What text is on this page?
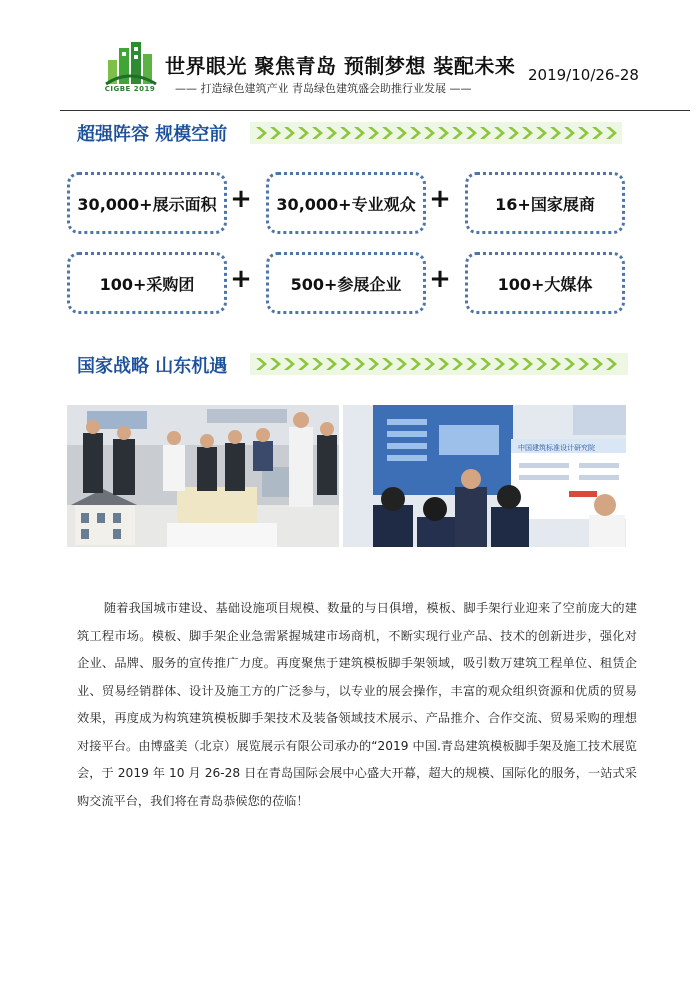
CIGBE 2019
世界眼光 聚焦青岛 预制梦想 装配未来
—— 打造绿色建筑产业 青岛绿色建筑盛会助推行业发展 ——
2019/10/26-28
超强阵容 规模空前
30,000+展示面积 +	30,000+专业观众 +	16+国家展商
100+采购团	+	500+参展企业	+	100+大媒体
国家战略 山东机遇
中国建筑标准设计研究院
随着我国城市建设、基础设施项目规模、数量的与日俱增，模板、脚手架行业迎来了空前庞大的建筑工程市场。模板、脚手架企业急需紧握城建市场商机，不断实现行业产品、技术的创新进步，强化对企业、品牌、服务的宣传推广力度。再度聚焦于建筑模板脚手架领域，吸引数万建筑工程单位、租赁企业、贸易经销群体、设计及施工方的广泛参与，以专业的展会操作，丰富的观众组织资源和优质的贸易效果，再度成为构筑建筑模板脚手架技术及装备领域技术展示、产品推介、合作交流、贸易采购的理想对接平台。由博盛美（北京）展览展示有限公司承办的“2019 中国.青岛建筑模板脚手架及施工技术展览会，于 2019 年 10 月 26-28 日在青岛国际会展中心盛大开幕，超大的规模、国际化的服务，一站式采购交流平台，我们将在青岛恭候您的莅临！
